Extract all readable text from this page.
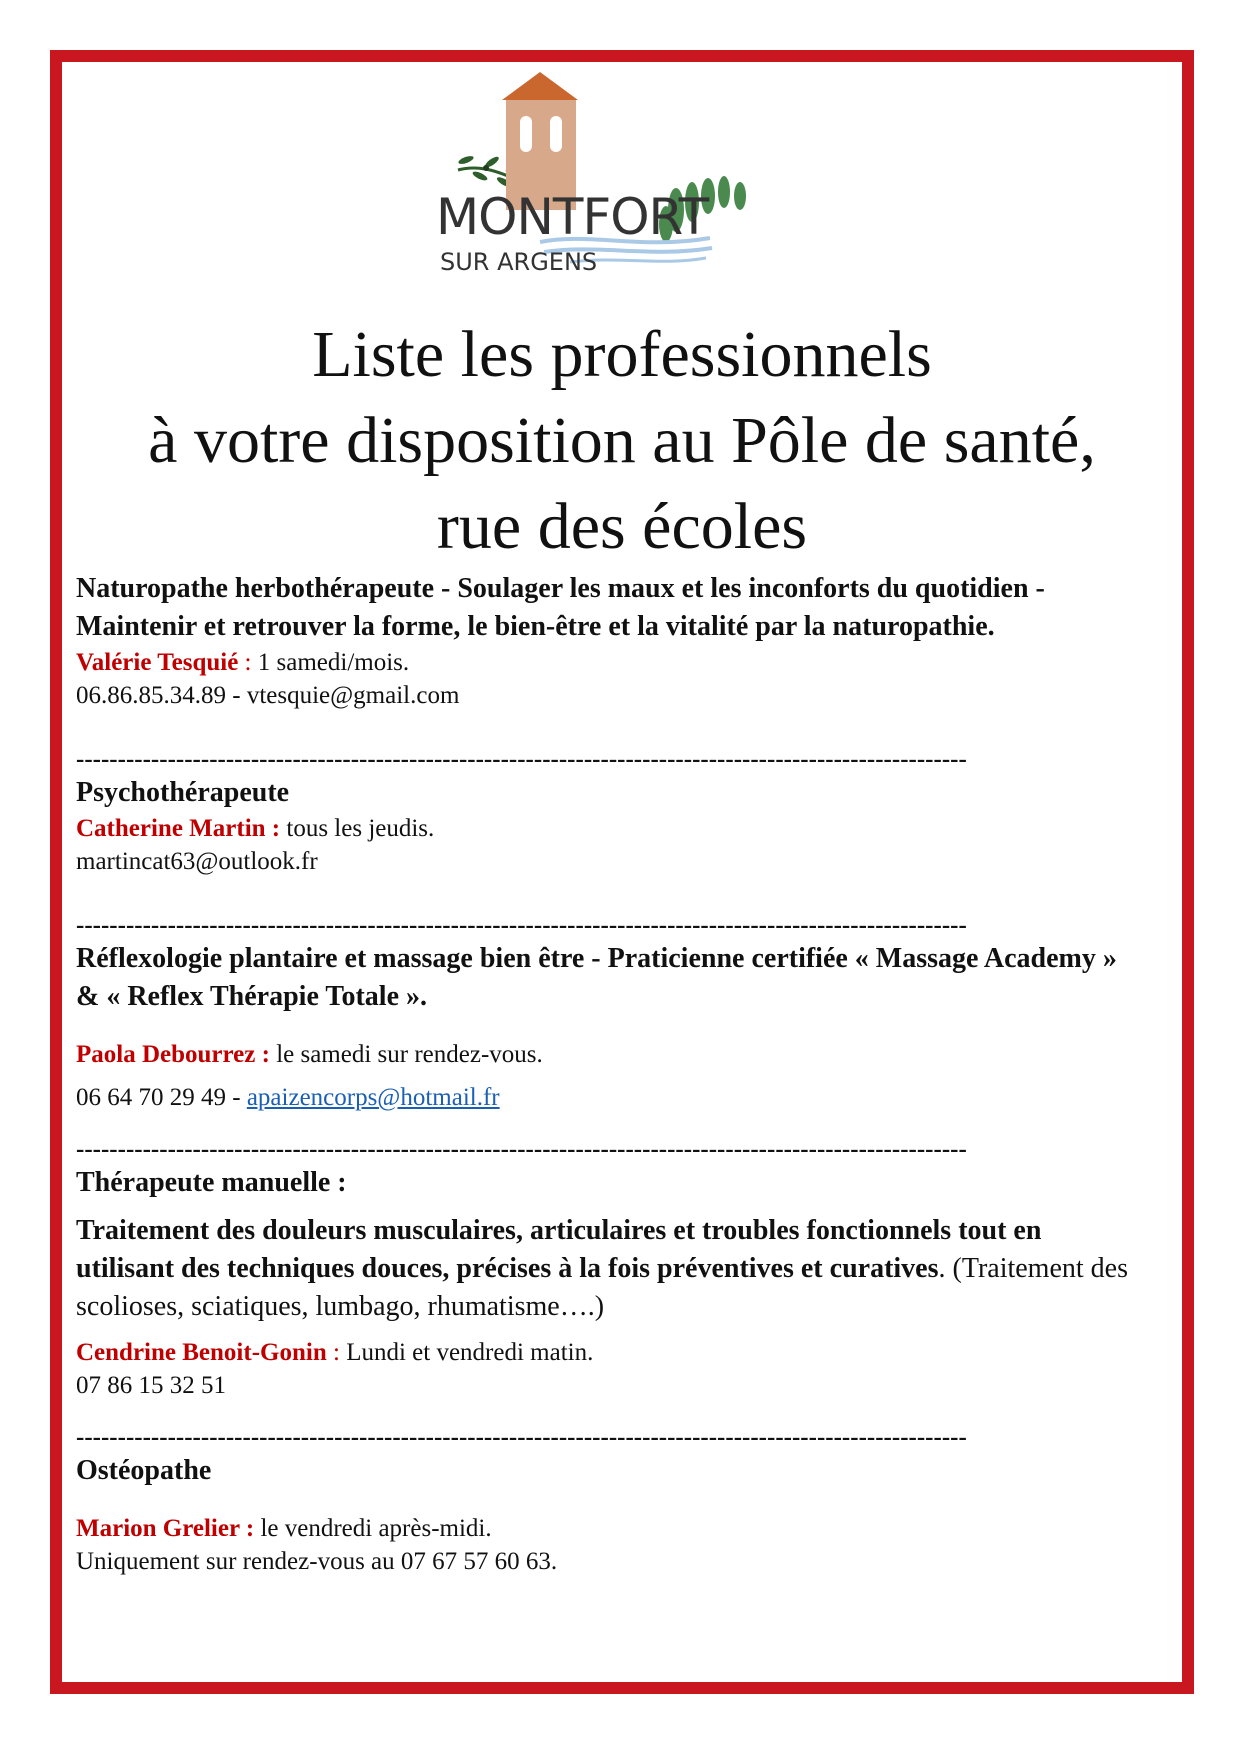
MONTFORT
SUR ARGENS
Liste les professionnels
à votre disposition au Pôle de santé,
rue des écoles

Naturopathe herbothérapeute - Soulager les maux et les inconforts du quotidien - Maintenir et retrouver la forme, le bien-être et la vitalité par la naturopathie.

Valérie Tesquié : 1 samedi/mois.

06.86.85.34.89 - vtesquie@gmail.com

-----------------------------------------------------------------------------------------------------------

Psychothérapeute

Catherine Martin : tous les jeudis.

martincat63@outlook.fr

-----------------------------------------------------------------------------------------------------------

Réflexologie plantaire et massage bien être - Praticienne certifiée « Massage Academy » & « Reflex Thérapie Totale ».

Paola Debourrez : le samedi sur rendez-vous.

06 64 70 29 49 - apaizencorps@hotmail.fr

-----------------------------------------------------------------------------------------------------------

Thérapeute manuelle :

Traitement des douleurs musculaires, articulaires et troubles fonctionnels tout en utilisant des techniques douces, précises à la fois préventives et curatives. (Traitement des scolioses, sciatiques, lumbago, rhumatisme….)

Cendrine Benoit-Gonin : Lundi et vendredi matin.

07 86 15 32 51

-----------------------------------------------------------------------------------------------------------

Ostéopathe

Marion Grelier : le vendredi après-midi.

Uniquement sur rendez-vous au 07 67 57 60 63.
